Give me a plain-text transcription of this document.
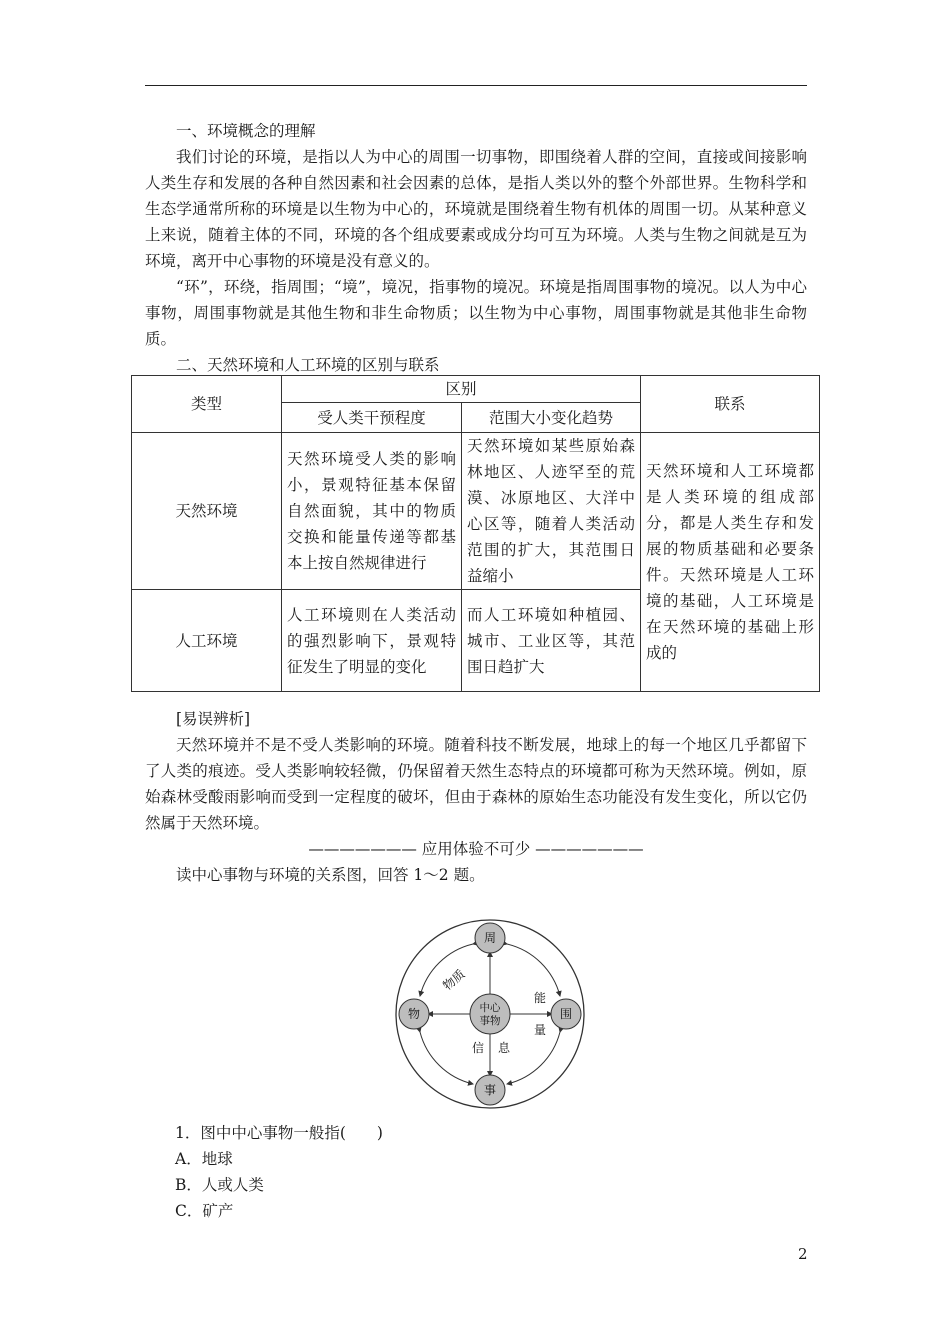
一、环境概念的理解

我们讨论的环境，是指以人为中心的周围一切事物，即围绕着人群的空间，直接或间接影响人类生存和发展的各种自然因素和社会因素的总体，是指人类以外的整个外部世界。生物科学和生态学通常所称的环境是以生物为中心的，环境就是围绕着生物有机体的周围一切。从某种意义上来说，随着主体的不同，环境的各个组成要素或成分均可互为环境。人类与生物之间就是互为环境，离开中心事物的环境是没有意义的。

“环”，环绕，指周围；“境”，境况，指事物的境况。环境是指周围事物的境况。以人为中心事物，周围事物就是其他生物和非生命物质；以生物为中心事物，周围事物就是其他非生命物质。

二、天然环境和人工环境的区别与联系

类型	区别		联系
	受人类干预程度	范围大小变化趋势	
天然环境	天然环境受人类的影响小，景观特征基本保留自然面貌，其中的物质交换和能量传递等都基本上按自然规律进行	天然环境如某些原始森林地区、人迹罕至的荒漠、冰原地区、大洋中心区等，随着人类活动范围的扩大，其范围日益缩小	天然环境和人工环境都是人类环境的组成部分，都是人类生存和发展的物质基础和必要条件。天然环境是人工环境的基础，人工环境是在天然环境的基础上形成的
人工环境	人工环境则在人类活动的强烈影响下，景观特征发生了明显的变化	而人工环境如种植园、城市、工业区等，其范围日趋扩大	

[易误辨析]

天然环境并不是不受人类影响的环境。随着科技不断发展，地球上的每一个地区几乎都留下了人类的痕迹。受人类影响较轻微，仍保留着天然生态特点的环境都可称为天然环境。例如，原始森林受酸雨影响而受到一定程度的破坏，但由于森林的原始生态功能没有发生变化，所以它仍然属于天然环境。

——————— 应用体验不可少 ———————

读中心事物与环境的关系图，回答 1～2 题。

中心
事物
周
物	围
事
物质
能
量
信 息

1．图中中心事物一般指(　　)

A．地球

B．人或人类

C．矿产

2
